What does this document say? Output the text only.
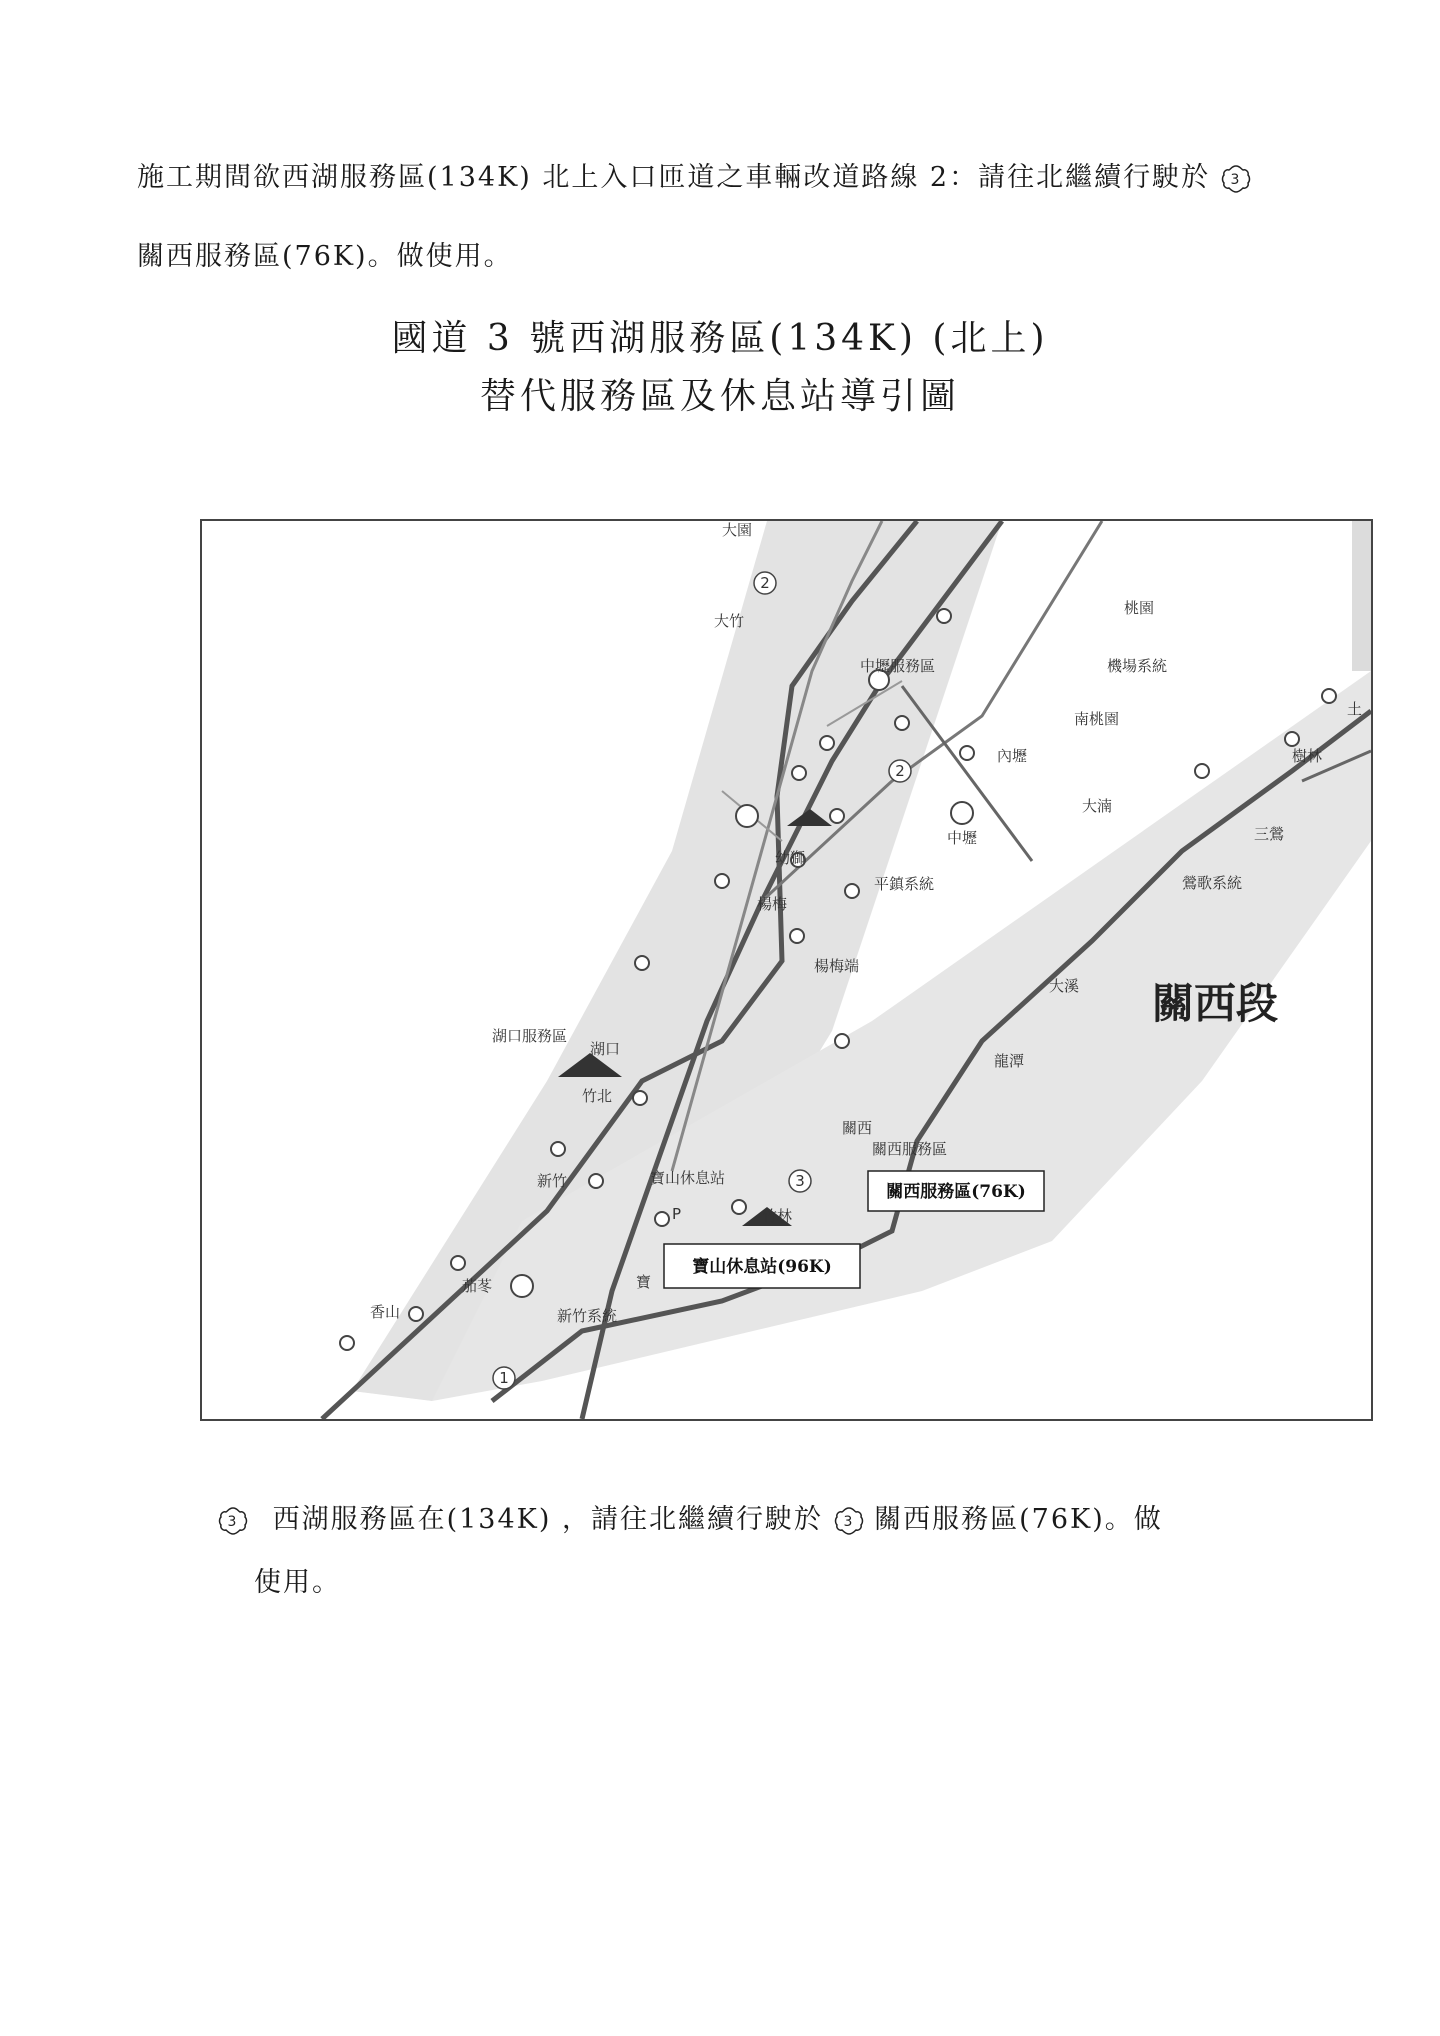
施工期間欲西湖服務區(134K) 北上入口匝道之車輛改道路線 2：請往北繼續行駛於 3
關西服務區(76K)。做使用。
國道 3 號西湖服務區(134K) (北上)
替代服務區及休息站導引圖
2
2
3
1
大園
大竹
桃園
中壢服務區	機場系統
南桃園
內壢
大湳
三鶯
樹林
土
中壢
平鎮系統
幼獅
鶯歌系統
楊梅
楊梅端
大溪
龍潭
關西段
湖口服務區
湖口
竹北
關西
關西服務區
寶山休息站
新竹
P	竹林
茄苳
香山
寶
新竹系統
關西服務區(76K)
寶山休息站(96K)
3 西湖服務區在(134K) ，請往北繼續行駛於 3 關西服務區(76K)。做
使用。
